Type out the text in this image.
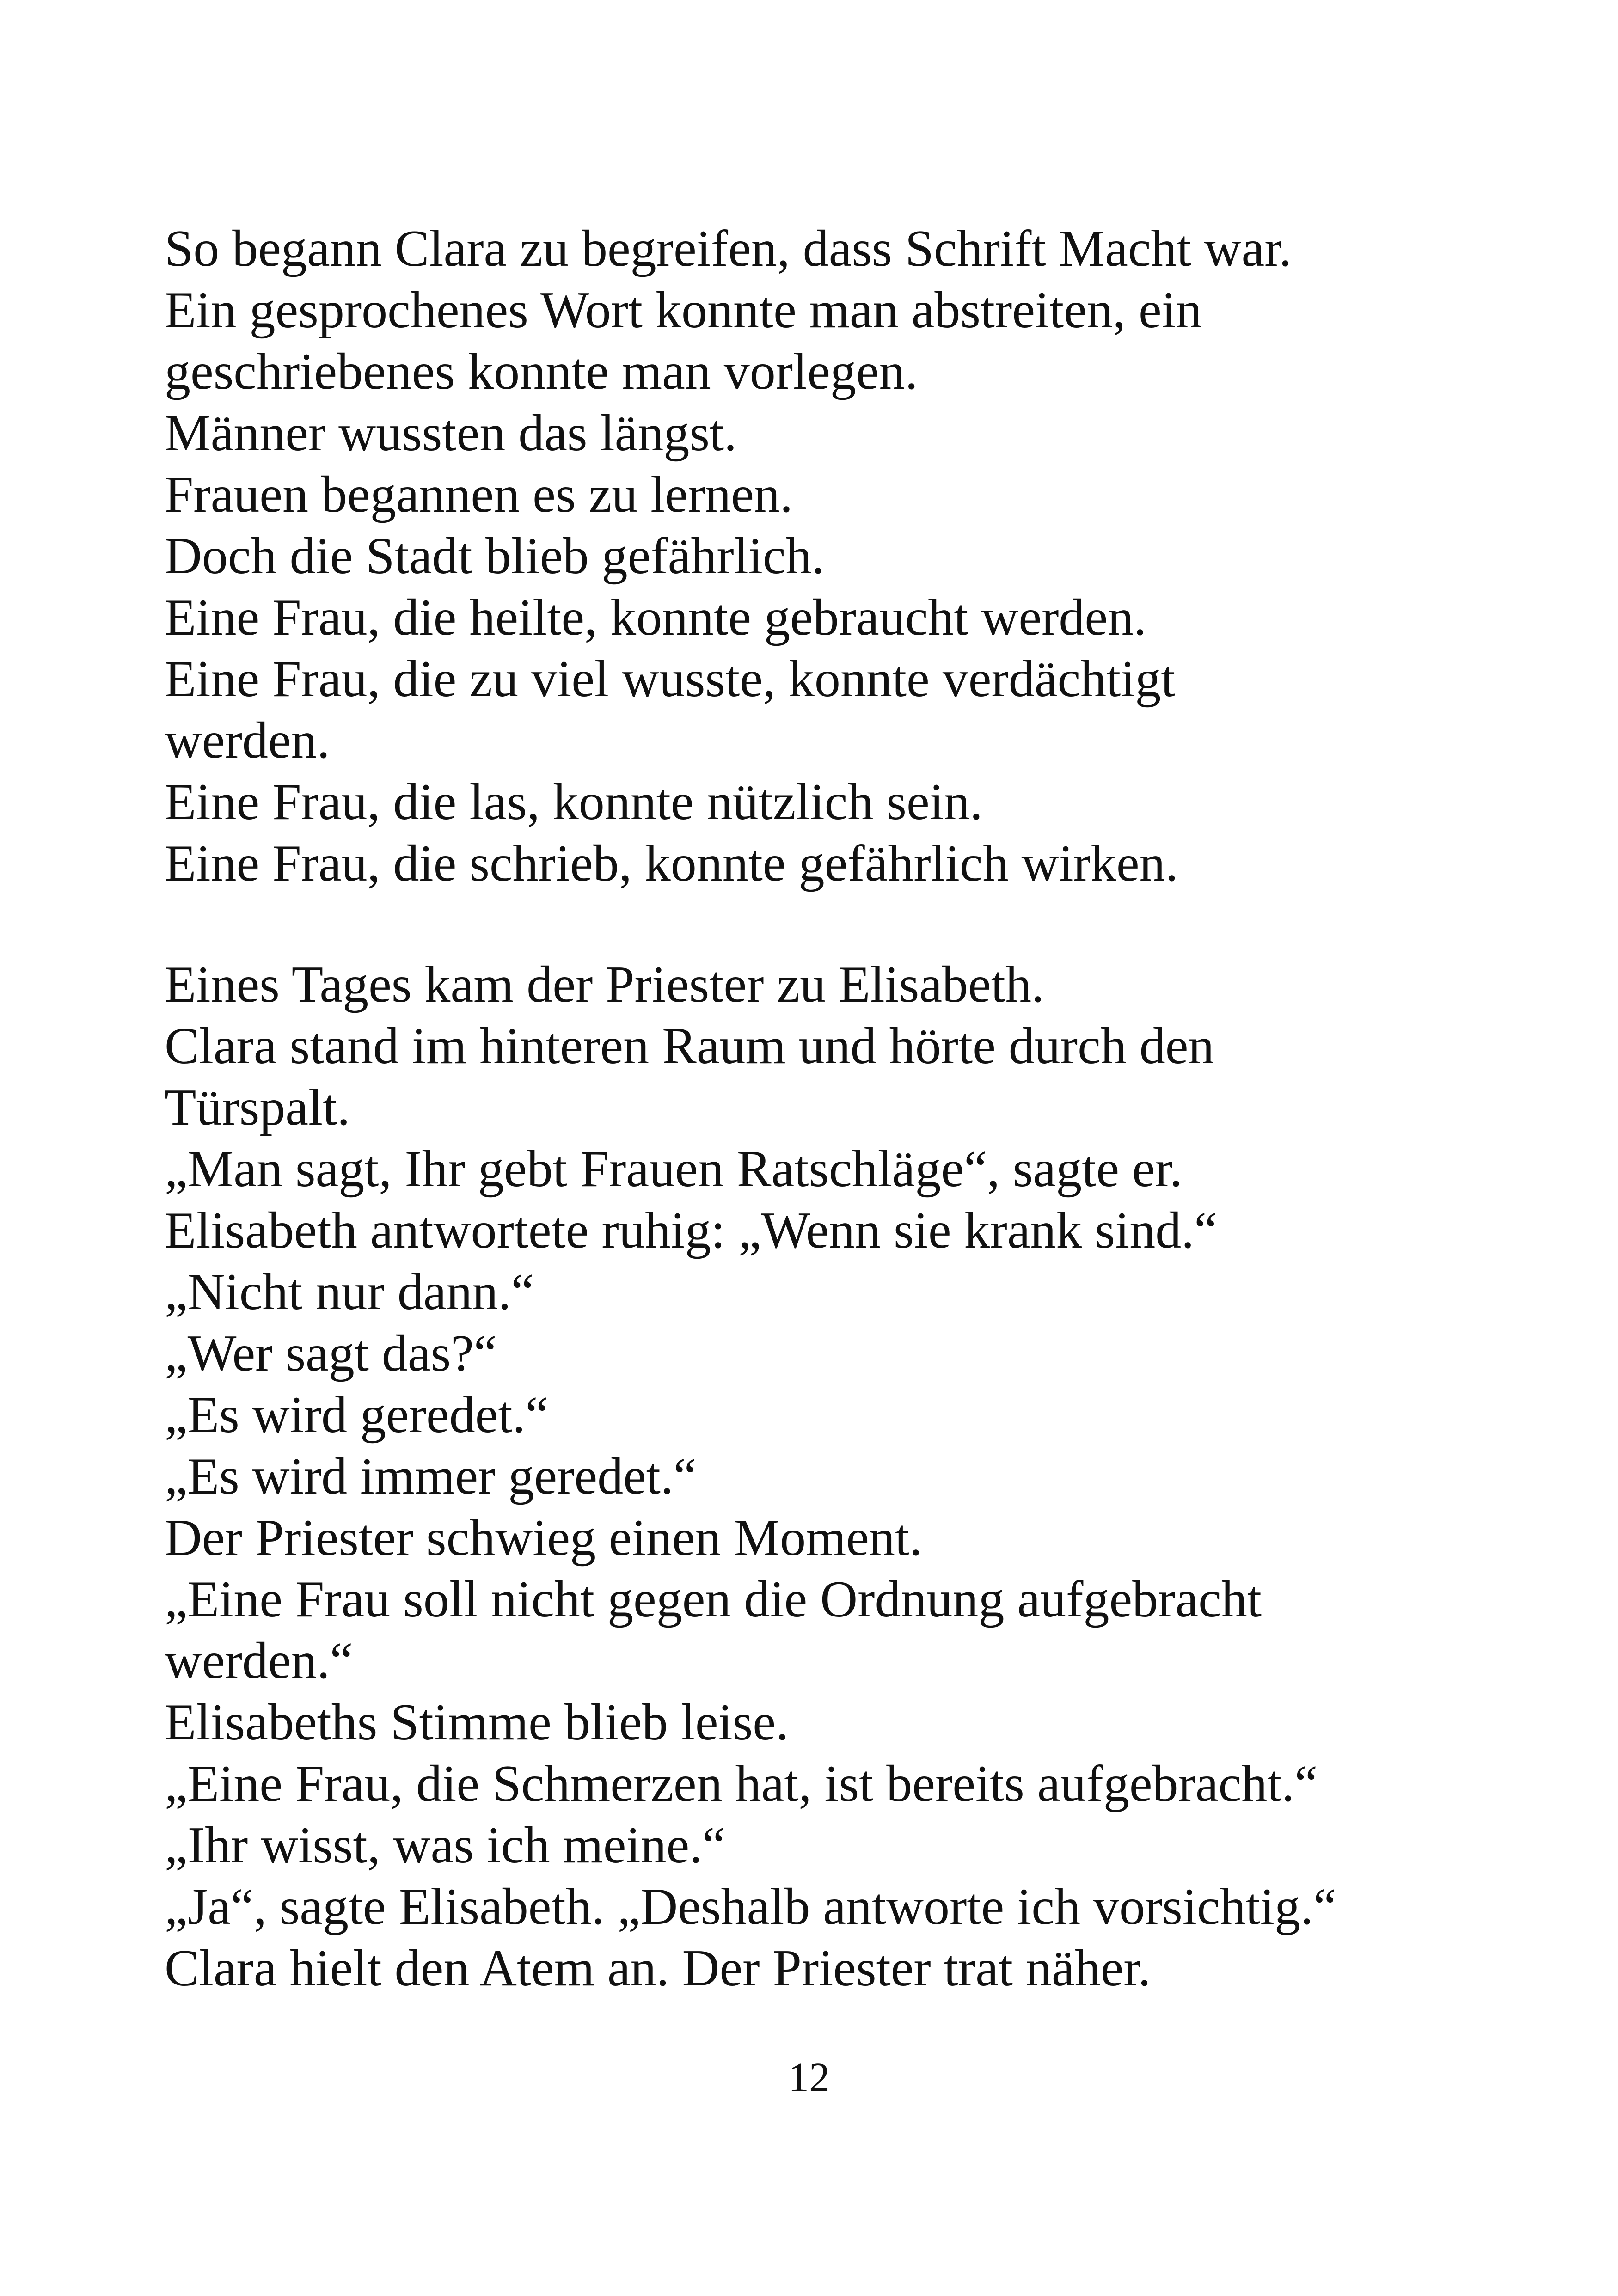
So begann Clara zu begreifen, dass Schrift Macht war.
Ein gesprochenes Wort konnte man abstreiten, ein
geschriebenes konnte man vorlegen.
Männer wussten das längst.
Frauen begannen es zu lernen.
Doch die Stadt blieb gefährlich.
Eine Frau, die heilte, konnte gebraucht werden.
Eine Frau, die zu viel wusste, konnte verdächtigt
werden.
Eine Frau, die las, konnte nützlich sein.
Eine Frau, die schrieb, konnte gefährlich wirken.
Eines Tages kam der Priester zu Elisabeth.
Clara stand im hinteren Raum und hörte durch den
Türspalt.
„Man sagt, Ihr gebt Frauen Ratschläge“, sagte er.
Elisabeth antwortete ruhig: „Wenn sie krank sind.“
„Nicht nur dann.“
„Wer sagt das?“
„Es wird geredet.“
„Es wird immer geredet.“
Der Priester schwieg einen Moment.
„Eine Frau soll nicht gegen die Ordnung aufgebracht
werden.“
Elisabeths Stimme blieb leise.
„Eine Frau, die Schmerzen hat, ist bereits aufgebracht.“
„Ihr wisst, was ich meine.“
„Ja“, sagte Elisabeth. „Deshalb antworte ich vorsichtig.“
Clara hielt den Atem an. Der Priester trat näher.
12
